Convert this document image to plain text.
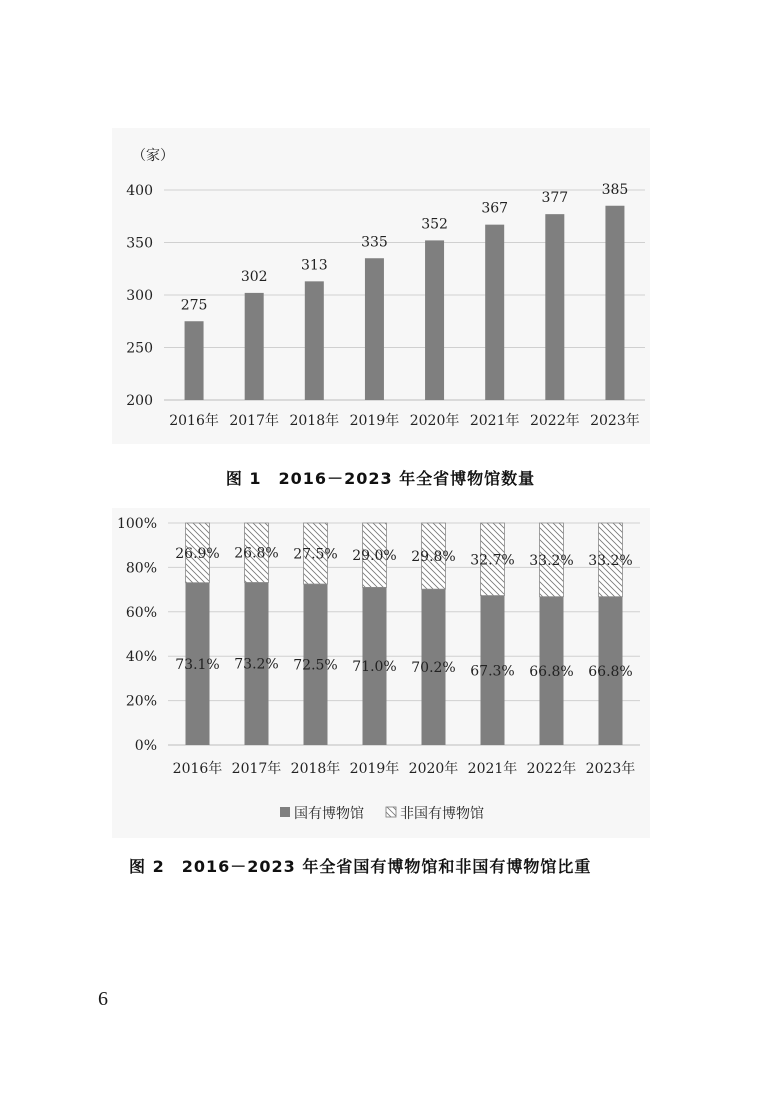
（家）
200
250
300
350
400
275
2016年
302
2017年
313
2018年
335
2019年
352
2020年
367
2021年
377
2022年
385
2023年
图 1　2016－2023 年全省博物馆数量
0%
20%
40%
60%
80%
100%
73.1%
26.9%
2016年
73.2%
26.8%
2017年
72.5%
27.5%
2018年
71.0%
29.0%
2019年
70.2%
29.8%
2020年
67.3%
32.7%
2021年
66.8%
33.2%
2022年
66.8%
33.2%
2023年
国有博物馆	非国有博物馆
图 2　2016－2023 年全省国有博物馆和非国有博物馆比重
6
